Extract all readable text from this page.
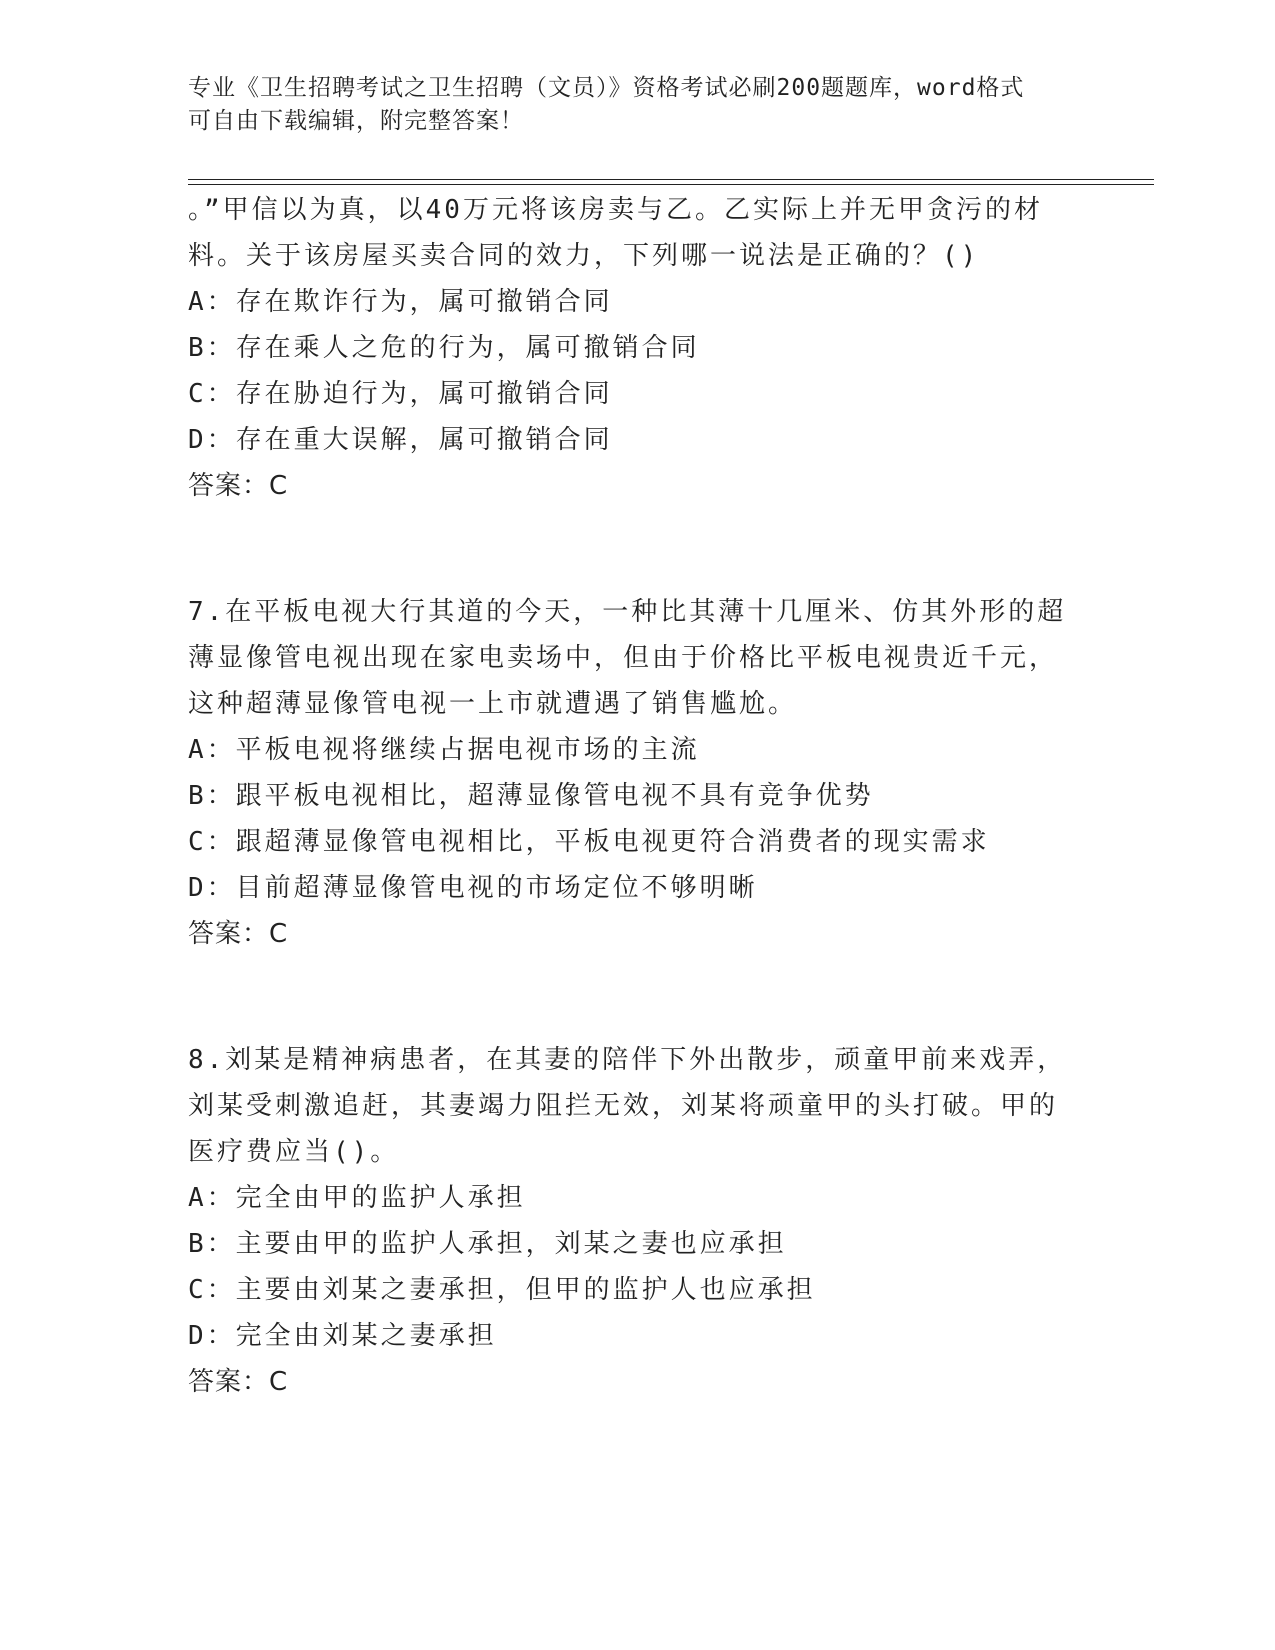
专业《卫生招聘考试之卫生招聘（文员）》资格考试必刷200题题库，word格式
可自由下载编辑，附完整答案！
。”甲信以为真，以40万元将该房卖与乙。乙实际上并无甲贪污的材
料。关于该房屋买卖合同的效力，下列哪一说法是正确的？()
A：存在欺诈行为，属可撤销合同
B：存在乘人之危的行为，属可撤销合同
C：存在胁迫行为，属可撤销合同
D：存在重大误解，属可撤销合同
答案：C
7.在平板电视大行其道的今天，一种比其薄十几厘米、仿其外形的超
薄显像管电视出现在家电卖场中，但由于价格比平板电视贵近千元，
这种超薄显像管电视一上市就遭遇了销售尴尬。
A：平板电视将继续占据电视市场的主流
B：跟平板电视相比，超薄显像管电视不具有竞争优势
C：跟超薄显像管电视相比，平板电视更符合消费者的现实需求
D：目前超薄显像管电视的市场定位不够明晰
答案：C
8.刘某是精神病患者，在其妻的陪伴下外出散步，顽童甲前来戏弄，
刘某受刺激追赶，其妻竭力阻拦无效，刘某将顽童甲的头打破。甲的
医疗费应当()。
A：完全由甲的监护人承担
B：主要由甲的监护人承担，刘某之妻也应承担
C：主要由刘某之妻承担，但甲的监护人也应承担
D：完全由刘某之妻承担
答案：C
